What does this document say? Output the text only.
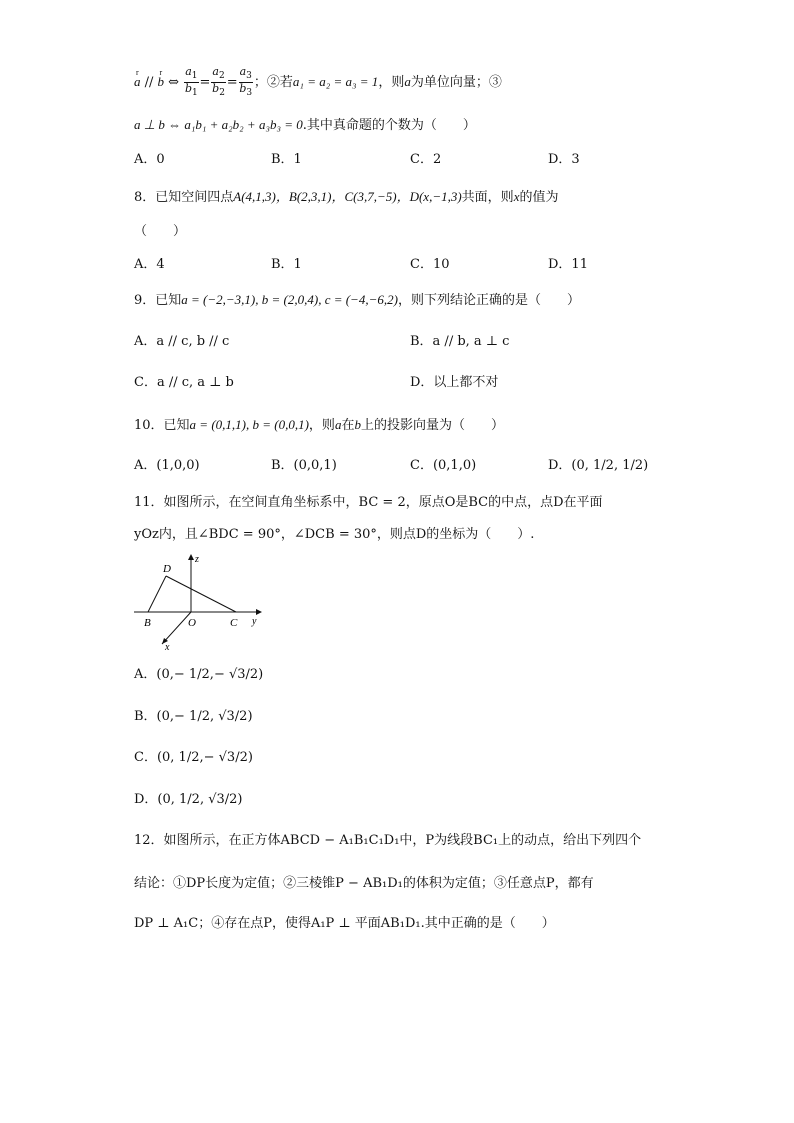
r a // r b ⇔ $\frac{a_1}{b_1} = \frac{a_2}{b_2} = \frac{a_3}{b_3}$ ；②若a₁ = a₂ = a₃ = 1，则a为单位向量；③
a ⊥ b ⇔ a₁b₁ + a₂b₂ + a₃b₃ = 0.其中真命题的个数为（　　）
A．0	B．1	C．2	D．3
8．已知空间四点A(4,1,3)，B(2,3,1)，C(3,7,−5)，D(x,−1,3)共面，则x的值为
（　　）
A．4	B．1	C．10	D．11
9．已知a = (−2,−3,1), b = (2,0,4), c = (−4,−6,2)，则下列结论正确的是（　　）
A．a // c, b // c	B．a // b, a ⊥ c
C．a // c, a ⊥ b	D．以上都不对
10．已知a = (0,1,1), b = (0,0,1)，则a在b上的投影向量为（　　）
A．(1,0,0)	B．(0,0,1)	C．(0,1,0)	D．(0, 1/2, 1/2)
11．如图所示，在空间直角坐标系中，BC = 2，原点O是BC的中点，点D在平面
yOz内，且∠BDC = 90°，∠DCB = 30°，则点D的坐标为（　　）.
D
z
B	O	C y
x
A．(0,− 1/2,− √3/2)
B．(0,− 1/2, √3/2)
C．(0, 1/2,− √3/2)
D．(0, 1/2, √3/2)
12．如图所示，在正方体ABCD − A₁B₁C₁D₁中，P为线段BC₁上的动点，给出下列四个
结论：①DP长度为定值；②三棱锥P − AB₁D₁的体积为定值；③任意点P，都有
DP ⊥ A₁C；④存在点P，使得A₁P ⊥ 平面AB₁D₁.其中正确的是（　　）
